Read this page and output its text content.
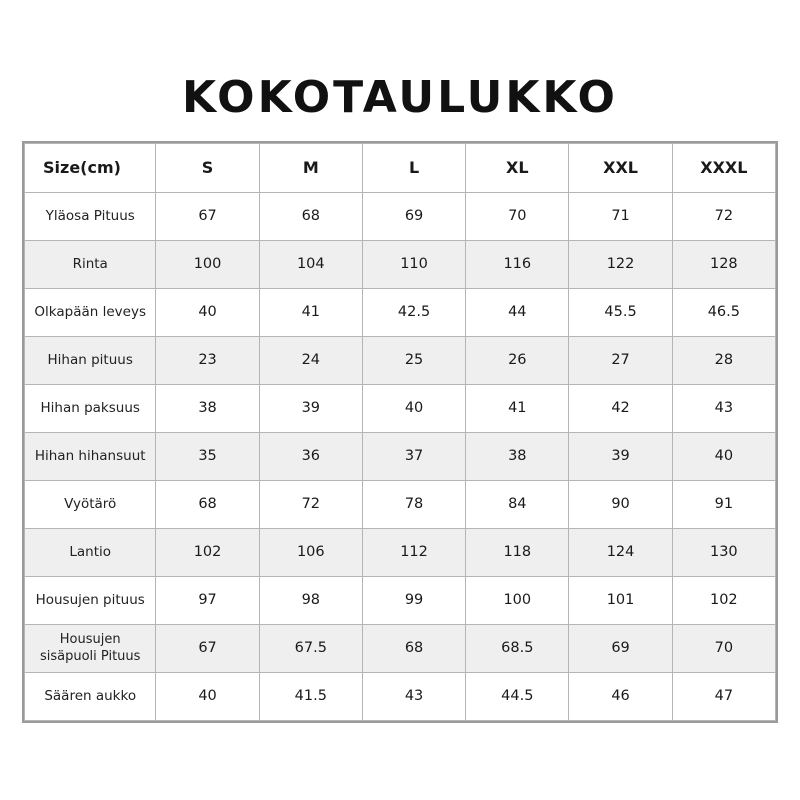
KOKOTAULUKKO
Size(cm)	S	M	L	XL	XXL	XXXL
Yläosa Pituus	67	68	69	70	71	72
Rinta	100	104	110	116	122	128
Olkapään leveys	40	41	42.5	44	45.5	46.5
Hihan pituus	23	24	25	26	27	28
Hihan paksuus	38	39	40	41	42	43
Hihan hihansuut	35	36	37	38	39	40
Vyötärö	68	72	78	84	90	91
Lantio	102	106	112	118	124	130
Housujen pituus	97	98	99	100	101	102
Housujen sisäpuoli Pituus	67	67.5	68	68.5	69	70
Säären aukko	40	41.5	43	44.5	46	47
